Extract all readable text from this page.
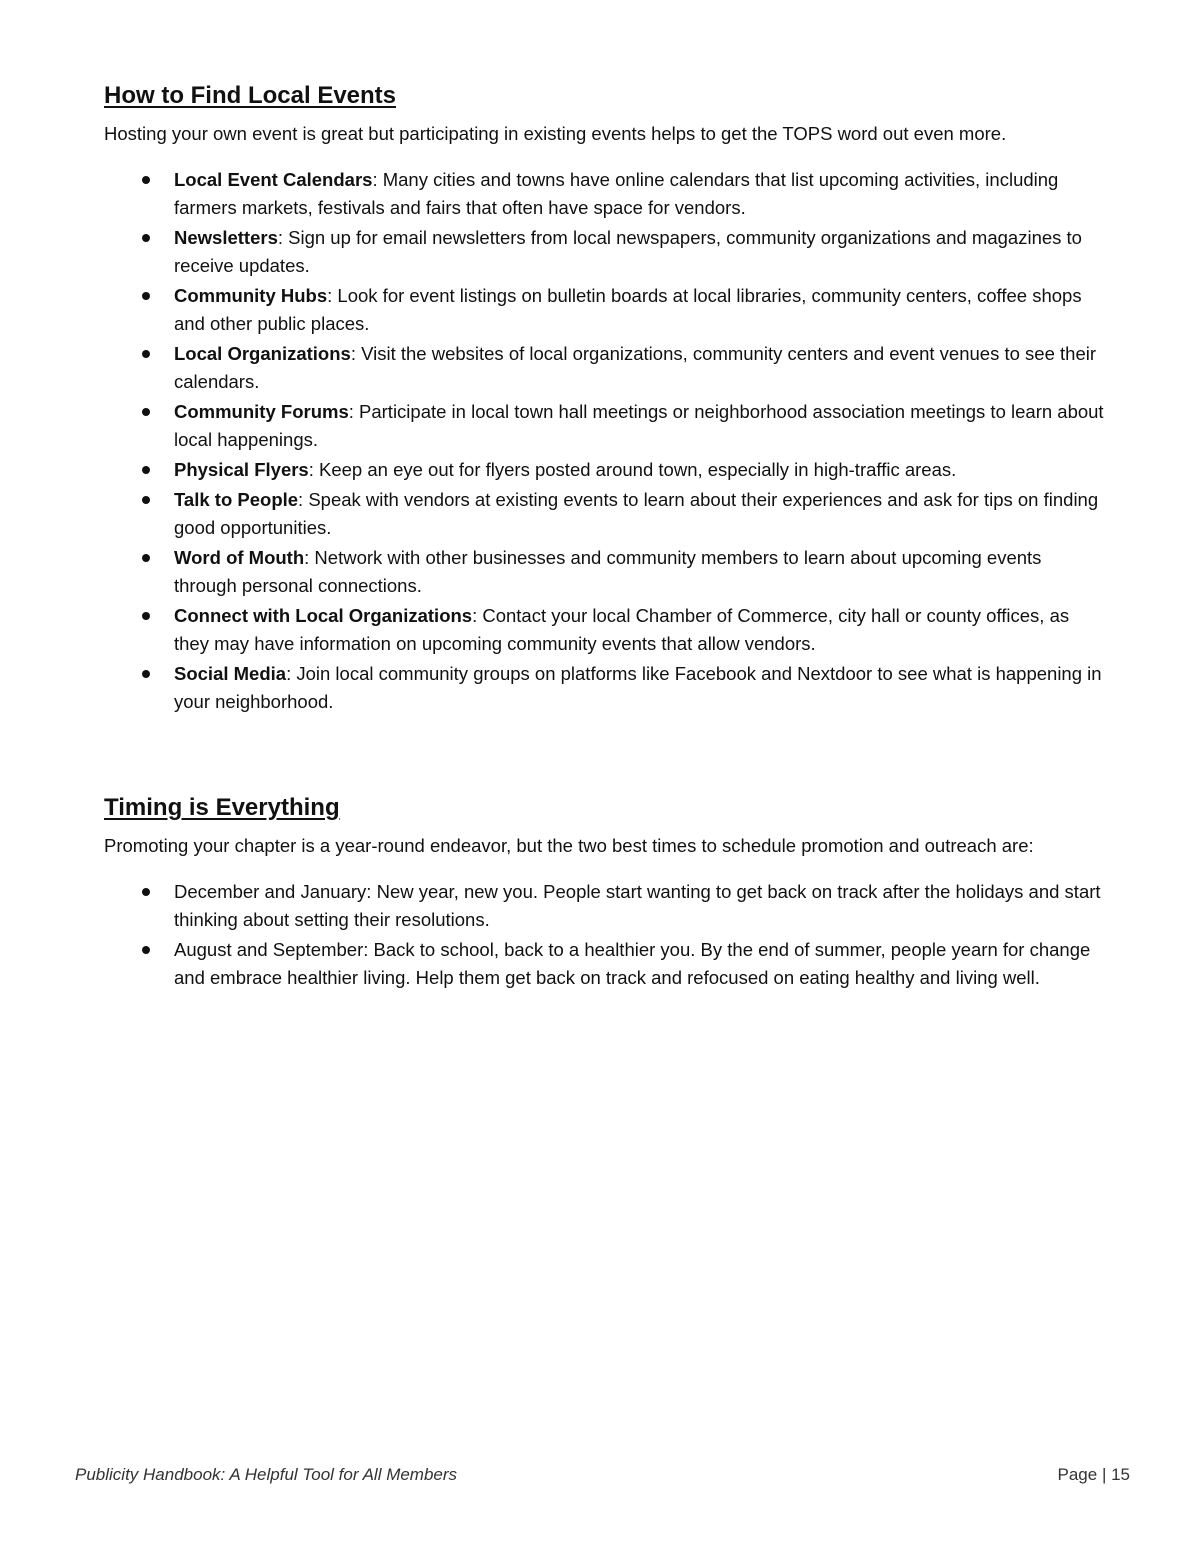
How to Find Local Events

Hosting your own event is great but participating in existing events helps to get the TOPS word out even more.

Local Event Calendars: Many cities and towns have online calendars that list upcoming activities, including farmers markets, festivals and fairs that often have space for vendors.
Newsletters: Sign up for email newsletters from local newspapers, community organizations and magazines to receive updates.
Community Hubs: Look for event listings on bulletin boards at local libraries, community centers, coffee shops and other public places.
Local Organizations: Visit the websites of local organizations, community centers and event venues to see their calendars.
Community Forums: Participate in local town hall meetings or neighborhood association meetings to learn about local happenings.
Physical Flyers: Keep an eye out for flyers posted around town, especially in high-traffic areas.
Talk to People: Speak with vendors at existing events to learn about their experiences and ask for tips on finding good opportunities.
Word of Mouth: Network with other businesses and community members to learn about upcoming events through personal connections.
Connect with Local Organizations: Contact your local Chamber of Commerce, city hall or county offices, as they may have information on upcoming community events that allow vendors.
Social Media: Join local community groups on platforms like Facebook and Nextdoor to see what is happening in your neighborhood.
Timing is Everything

Promoting your chapter is a year-round endeavor, but the two best times to schedule promotion and outreach are:

December and January: New year, new you. People start wanting to get back on track after the holidays and start thinking about setting their resolutions.
August and September: Back to school, back to a healthier you. By the end of summer, people yearn for change and embrace healthier living. Help them get back on track and refocused on eating healthy and living well.
Publicity Handbook: A Helpful Tool for All Members	Page | 15
